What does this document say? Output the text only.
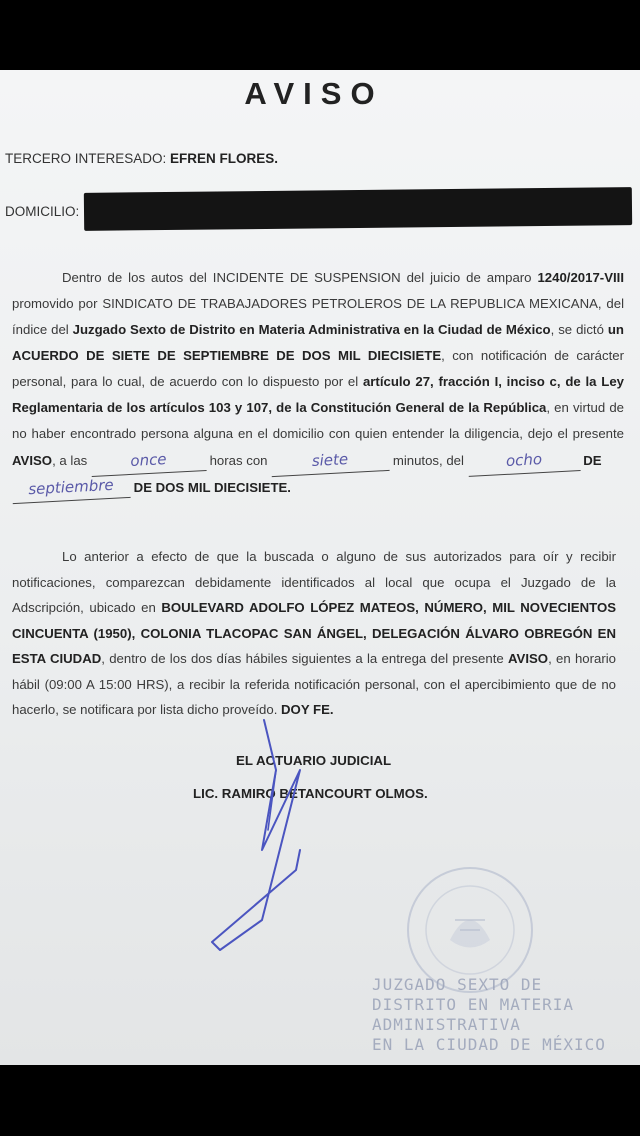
AVISO
TERCERO INTERESADO: EFREN FLORES.
DOMICILIO:
Dentro de los autos del INCIDENTE DE SUSPENSION del juicio de amparo 1240/2017-VIII promovido por SINDICATO DE TRABAJADORES PETROLEROS DE LA REPUBLICA MEXICANA, del índice del Juzgado Sexto de Distrito en Materia Administrativa en la Ciudad de México, se dictó un ACUERDO DE SIETE DE SEPTIEMBRE DE DOS MIL DIECISIETE, con notificación de carácter personal, para lo cual, de acuerdo con lo dispuesto por el artículo 27, fracción I, inciso c, de la Ley Reglamentaria de los artículos 103 y 107, de la Constitución General de la República, en virtud de no haber encontrado persona alguna en el domicilio con quien entender la diligencia, dejo el presente AVISO, a las	once	horas con	siete	minutos, del ocho	DE
septiembre DE DOS MIL DIECISIETE.
Lo anterior a efecto de que la buscada o alguno de sus autorizados para oír y recibir notificaciones, comparezcan debidamente identificados al local que ocupa el Juzgado de la Adscripción, ubicado en BOULEVARD ADOLFO LÓPEZ MATEOS, NÚMERO, MIL NOVECIENTOS CINCUENTA (1950), COLONIA TLACOPAC SAN ÁNGEL, DELEGACIÓN ÁLVARO OBREGÓN EN ESTA CIUDAD, dentro de los dos días hábiles siguientes a la entrega del presente AVISO, en horario hábil (09:00 A 15:00 HRS), a recibir la referida notificación personal, con el apercibimiento que de no hacerlo, se notificara por lista dicho proveído. DOY FE.
EL ACTUARIO JUDICIAL
LIC. RAMIRO BETANCOURT OLMOS.
JUZGADO SEXTO DE
DISTRITO EN MATERIA
ADMINISTRATIVA
EN LA CIUDAD DE MÉXICO
